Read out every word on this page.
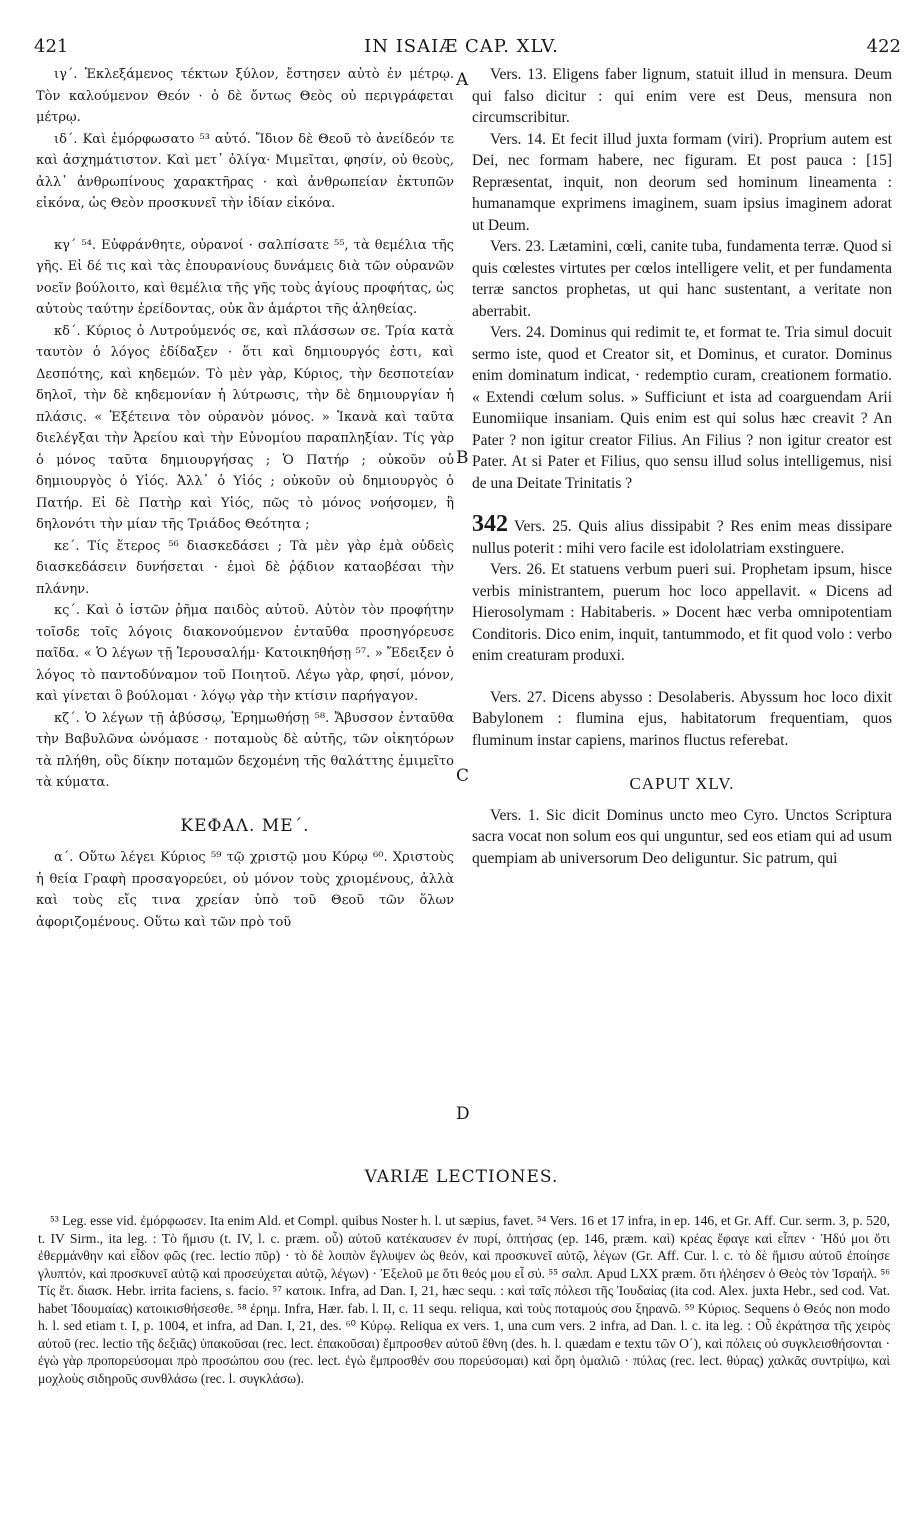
421	IN ISAIÆ CAP. XLV.	422
A
B
C
D

ιγ΄. Ἐκλεξάμενος τέκτων ξύλον, ἔστησεν αὐτὸ ἐν μέτρῳ. Τὸν καλούμενον Θεόν · ὁ δὲ ὄντως Θεὸς οὐ περιγράφεται μέτρῳ.

ιδ΄. Καὶ ἐμόρφωσατο ⁵³ αὐτό. Ἴδιον δὲ Θεοῦ τὸ ἀνείδεόν τε καὶ ἀσχημάτιστον. Καὶ μετ᾽ ὀλίγα· Μιμεῖται, φησίν, οὐ θεοὺς, ἀλλ᾽ ἀνθρωπίνους χαρακτῆρας · καὶ ἀνθρωπείαν ἐκτυπῶν εἰκόνα, ὡς Θεὸν προσκυνεῖ τὴν ἰδίαν εἰκόνα.

κγ΄ ⁵⁴. Εὐφράνθητε, οὐρανοί · σαλπίσατε ⁵⁵, τὰ θεμέλια τῆς γῆς. Εἰ δέ τις καὶ τὰς ἐπουρανίους δυνάμεις διὰ τῶν οὐρανῶν νοεῖν βούλοιτο, καὶ θεμέλια τῆς γῆς τοὺς ἁγίους προφήτας, ὡς αὐτοὺς ταύτην ἐρείδοντας, οὐκ ἂν ἁμάρτοι τῆς ἀληθείας.

κδ΄. Κύριος ὁ Λυτρούμενός σε, καὶ πλάσσων σε. Τρία κατὰ ταυτὸν ὁ λόγος ἐδίδαξεν · ὅτι καὶ δημιουργός ἐστι, καὶ Δεσπότης, καὶ κηδεμών. Τὸ μὲν γὰρ, Κύριος, τὴν δεσποτείαν δηλοῖ, τὴν δὲ κηδεμονίαν ἡ λύτρωσις, τὴν δὲ δημιουργίαν ἡ πλάσις. « Ἐξέτεινα τὸν οὐρανὸν μόνος. » Ἱκανὰ καὶ ταῦτα διελέγξαι τὴν Ἀρείου καὶ τὴν Εὐνομίου παραπληξίαν. Τίς γὰρ ὁ μόνος ταῦτα δημιουργήσας ; Ὁ Πατήρ ; οὐκοῦν οὐ δημιουργὸς ὁ Υἱός. Ἀλλ᾽ ὁ Υἱός ; οὐκοῦν οὐ δημιουργὸς ὁ Πατήρ. Εἰ δὲ Πατὴρ καὶ Υἱός, πῶς τὸ μόνος νοήσομεν, ἢ δηλονότι τὴν μίαν τῆς Τριάδος Θεότητα ;

κε΄. Τίς ἕτερος ⁵⁶ διασκεδάσει ; Τὰ μὲν γὰρ ἐμὰ οὐδεὶς διασκεδάσειν δυνήσεται · ἐμοὶ δὲ ῥᾴδιον καταοβέσαι τὴν πλάνην.

κς΄. Καὶ ὁ ἱστῶν ῥῆμα παιδὸς αὐτοῦ. Αὐτὸν τὸν προφήτην τοῖσδε τοῖς λόγοις διακονούμενον ἐνταῦθα προσηγόρευσε παῖδα. « Ὁ λέγων τῇ Ἱερουσαλήμ· Κατοικηθήσῃ ⁵⁷. » Ἔδειξεν ὁ λόγος τὸ παντοδύναμον τοῦ Ποιητοῦ. Λέγω γὰρ, φησί, μόνον, καὶ γίνεται ὃ βούλομαι · λόγῳ γὰρ τὴν κτίσιν παρήγαγον.

κζ΄. Ὁ λέγων τῇ ἀβύσσῳ, Ἐρημωθήσῃ ⁵⁸. Ἄβυσσον ἐνταῦθα τὴν Βαβυλῶνα ὠνόμασε · ποταμοὺς δὲ αὐτῆς, τῶν οἰκητόρων τὰ πλήθη, οὓς δίκην ποταμῶν δεχομένη τῆς θαλάττης ἐμιμεῖτο τὰ κύματα.

ΚΕΦΑΛ. ΜΕ΄.

α΄. Οὕτω λέγει Κύριος ⁵⁹ τῷ χριστῷ μου Κύρῳ ⁶⁰. Χριστοὺς ἡ θεία Γραφὴ προσαγορεύει, οὐ μόνον τοὺς χριομένους, ἀλλὰ καὶ τοὺς εἴς τινα χρείαν ὑπὸ τοῦ Θεοῦ τῶν ὅλων ἀφοριζομένους. Οὕτω καὶ τῶν πρὸ τοῦ

Vers. 13. Eligens faber lignum, statuit illud in mensura. Deum qui falso dicitur : qui enim vere est Deus, mensura non circumscribitur.

Vers. 14. Et fecit illud juxta formam (viri). Proprium autem est Dei, nec formam habere, nec figuram. Et post pauca : [15] Repræsentat, inquit, non deorum sed hominum lineamenta : humanamque exprimens imaginem, suam ipsius imaginem adorat ut Deum.

Vers. 23. Lætamini, cœli, canite tuba, fundamenta terræ. Quod si quis cœlestes virtutes per cœlos intelligere velit, et per fundamenta terræ sanctos prophetas, ut qui hanc sustentant, a veritate non aberrabit.

Vers. 24. Dominus qui redimit te, et format te. Tria simul docuit sermo iste, quod et Creator sit, et Dominus, et curator. Dominus enim dominatum indicat, · redemptio curam, creationem formatio. « Extendi cœlum solus. » Sufficiunt et ista ad coarguendam Arii Eunomiique insaniam. Quis enim est qui solus hæc creavit ? An Pater ? non igitur creator Filius. An Filius ? non igitur creator est Pater. At si Pater et Filius, quo sensu illud solus intelligemus, nisi de una Deitate Trinitatis ?

342 Vers. 25. Quis alius dissipabit ? Res enim meas dissipare nullus poterit : mihi vero facile est idololatriam exstinguere.

Vers. 26. Et statuens verbum pueri sui. Prophetam ipsum, hisce verbis ministrantem, puerum hoc loco appellavit. « Dicens ad Hierosolymam : Habitaberis. » Docent hæc verba omnipotentiam Conditoris. Dico enim, inquit, tantummodo, et fit quod volo : verbo enim creaturam produxi.

Vers. 27. Dicens abysso : Desolaberis. Abyssum hoc loco dixit Babylonem : flumina ejus, habitatorum frequentiam, quos fluminum instar capiens, marinos fluctus referebat.

CAPUT XLV.

Vers. 1. Sic dicit Dominus uncto meo Cyro. Unctos Scriptura sacra vocat non solum eos qui unguntur, sed eos etiam qui ad usum quempiam ab universorum Deo deliguntur. Sic patrum, qui

VARIÆ LECTIONES.

⁵³ Leg. esse vid. ἐμόρφωσεν. Ita enim Ald. et Compl. quibus Noster h. l. ut sæpius, favet. ⁵⁴ Vers. 16 et 17 infra, in ep. 146, et Gr. Aff. Cur. serm. 3, p. 520, t. IV Sirm., ita leg. : Τὸ ἥμισυ (t. IV, l. c. præm. οὗ) αὐτοῦ κατέκαυσεν ἐν πυρί, ὀπτήσας (ep. 146, præm. καὶ) κρέας ἔφαγε καὶ εἶπεν · Ἡδύ μοι ὅτι ἐθερμάνθην καὶ εἶδον φῶς (rec. lectio πῦρ) · τὸ δὲ λοιπὸν ἔγλυψεν ὡς θεόν, καὶ προσκυνεῖ αὐτῷ, λέγων (Gr. Aff. Cur. l. c. τὸ δὲ ἥμισυ αὐτοῦ ἐποίησε γλυπτόν, καὶ προσκυνεῖ αὐτῷ καὶ προσεύχεται αὐτῷ, λέγων) · Ἐξελοῦ με ὅτι θεός μου εἶ σύ. ⁵⁵ σαλπ. Apud LXX præm. ὅτι ἠλέησεν ὁ Θεὸς τὸν Ἰσραήλ. ⁵⁶ Τίς ἕτ. διασκ. Hebr. irrita faciens, s. facio. ⁵⁷ κατοικ. Infra, ad Dan. I, 21, hæc sequ. : καὶ ταῖς πόλεσι τῆς Ἰουδαίας (ita cod. Alex. juxta Hebr., sed cod. Vat. habet Ἰδουμαίας) κατοικισθήσεσθε. ⁵⁸ ἐρημ. Infra, Hær. fab. l. II, c. 11 sequ. reliqua, καὶ τοὺς ποταμούς σου ξηρανῶ. ⁵⁹ Κύριος. Sequens ὁ Θεός non modo h. l. sed etiam t. I, p. 1004, et infra, ad Dan. I, 21, des. ⁶⁰ Κύρῳ. Reliqua ex vers. 1, una cum vers. 2 infra, ad Dan. l. c. ita leg. : Οὗ ἐκράτησα τῆς χειρὸς αὐτοῦ (rec. lectio τῆς δεξιᾶς) ὑπακοῦσαι (rec. lect. ἐπακοῦσαι) ἔμπροσθεν αὐτοῦ ἔθνη (des. h. l. quædam e textu τῶν O΄), καὶ πόλεις οὐ συγκλεισθήσονται · ἐγὼ γὰρ προπορεύσομαι πρὸ προσώπου σου (rec. lect. ἐγὼ ἔμπροσθέν σου πορεύσομαι) καὶ ὄρη ὁμαλιῶ · πύλας (rec. lect. θύρας) χαλκᾶς συντρίψω, καὶ μοχλοὺς σιδηροῦς συνθλάσω (rec. l. συγκλάσω).
